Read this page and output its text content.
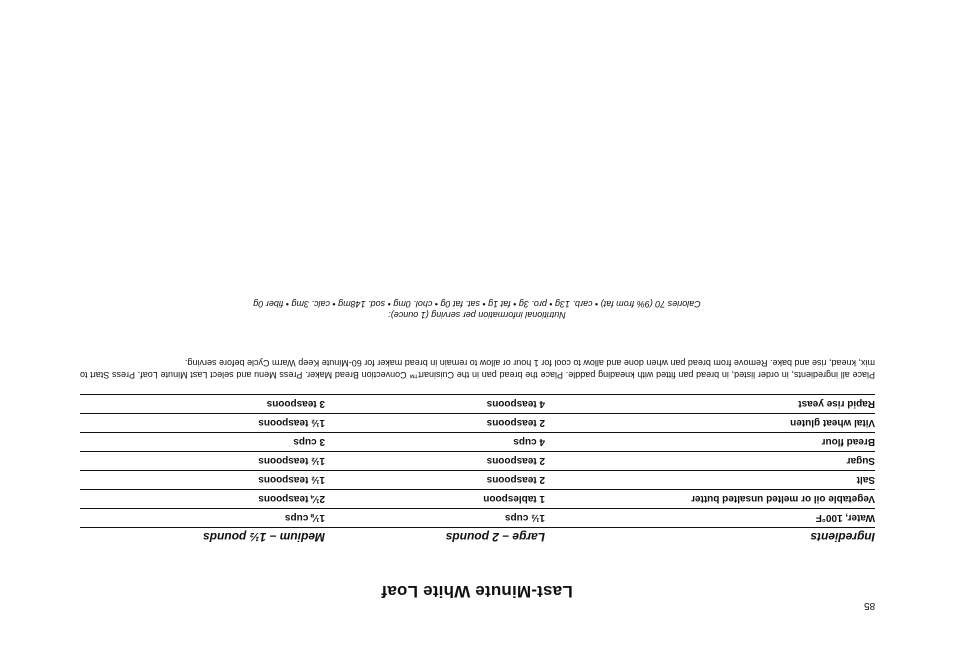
85
Last-Minute White Loaf
Ingredients	Large – 2 pounds	Medium – 1½ pounds
Water, 100°F	1½ cups	1⅛ cups
Vegetable oil or melted unsalted butter	1 tablespoon	2¼ teaspoons
Salt	2 teaspoons	1½ teaspoons
Sugar	2 teaspoons	1½ teaspoons
Bread flour	4 cups	3 cups
Vital wheat gluten	2 teaspoons	1½ teaspoons
Rapid rise yeast	4 teaspoons	3 teaspoons
Place all ingredients, in order listed, in bread pan fitted with kneading paddle. Place the bread pan in the Cuisinart™ Convection Bread Maker. Press Menu and select Last Minute Loaf. Press Start to mix, knead, rise and bake. Remove from bread pan when done and allow to cool for 1 hour or allow to remain in bread maker for 60-Minute Keep Warm Cycle before serving.
Nutritional information per serving (1 ounce):
Calories 70 (9% from fat) • carb. 13g • pro. 3g • fat 1g • sat. fat 0g • chol. 0mg • sod. 148mg • calc. 3mg • fiber 0g
